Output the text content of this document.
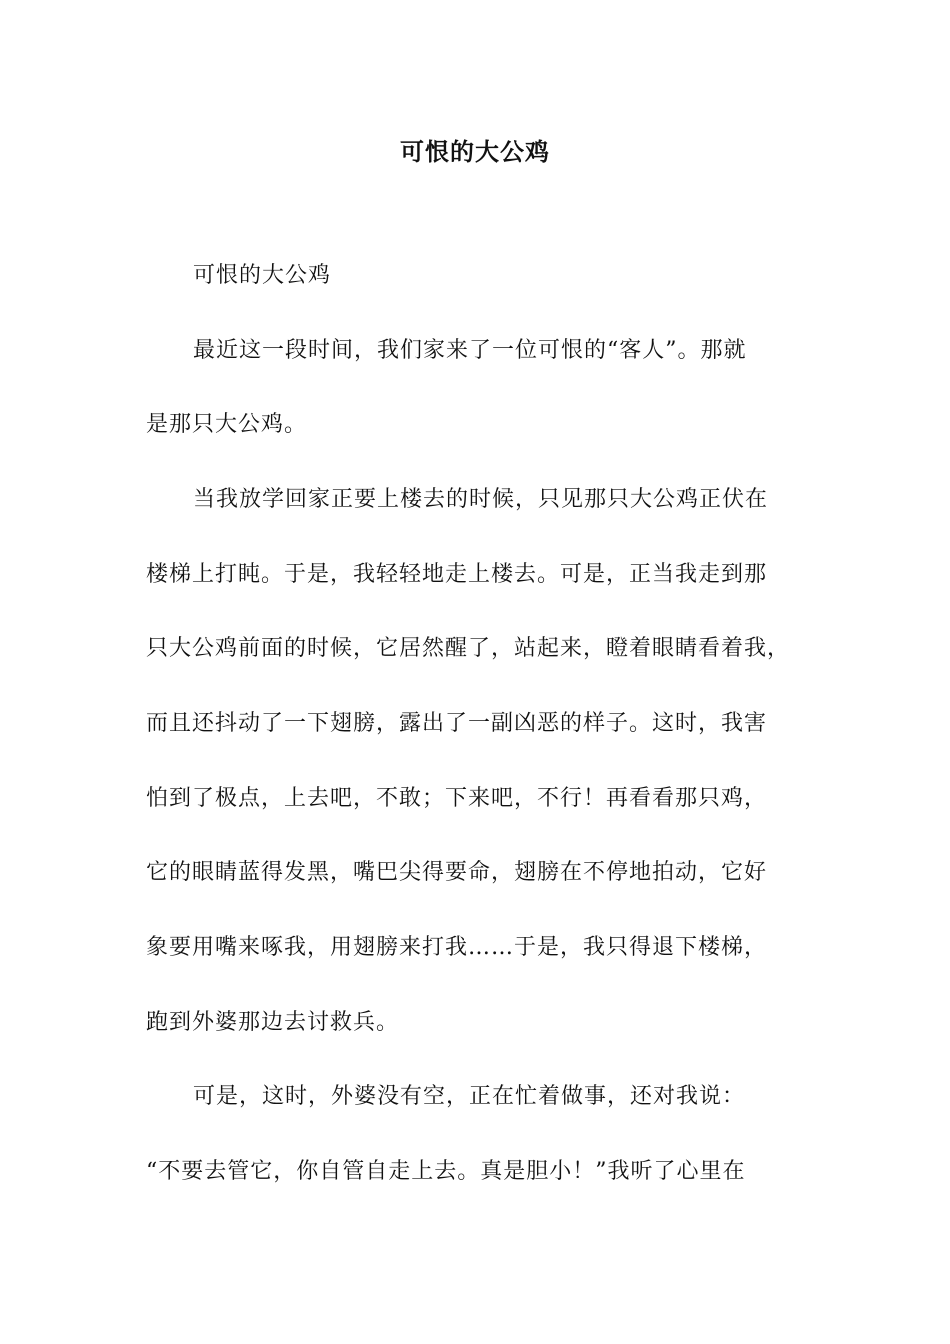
可恨的大公鸡
可恨的大公鸡
最近这一段时间，我们家来了一位可恨的“客人”。那就
是那只大公鸡。
当我放学回家正要上楼去的时候，只见那只大公鸡正伏在
楼梯上打盹。于是，我轻轻地走上楼去。可是，正当我走到那
只大公鸡前面的时候，它居然醒了，站起来，瞪着眼睛看着我，
而且还抖动了一下翅膀，露出了一副凶恶的样子。这时，我害
怕到了极点，上去吧，不敢；下来吧，不行！再看看那只鸡，
它的眼睛蓝得发黑，嘴巴尖得要命，翅膀在不停地拍动，它好
象要用嘴来啄我，用翅膀来打我……于是，我只得退下楼梯，
跑到外婆那边去讨救兵。
可是，这时，外婆没有空，正在忙着做事，还对我说：
“不要去管它，你自管自走上去。真是胆小！”我听了心里在
